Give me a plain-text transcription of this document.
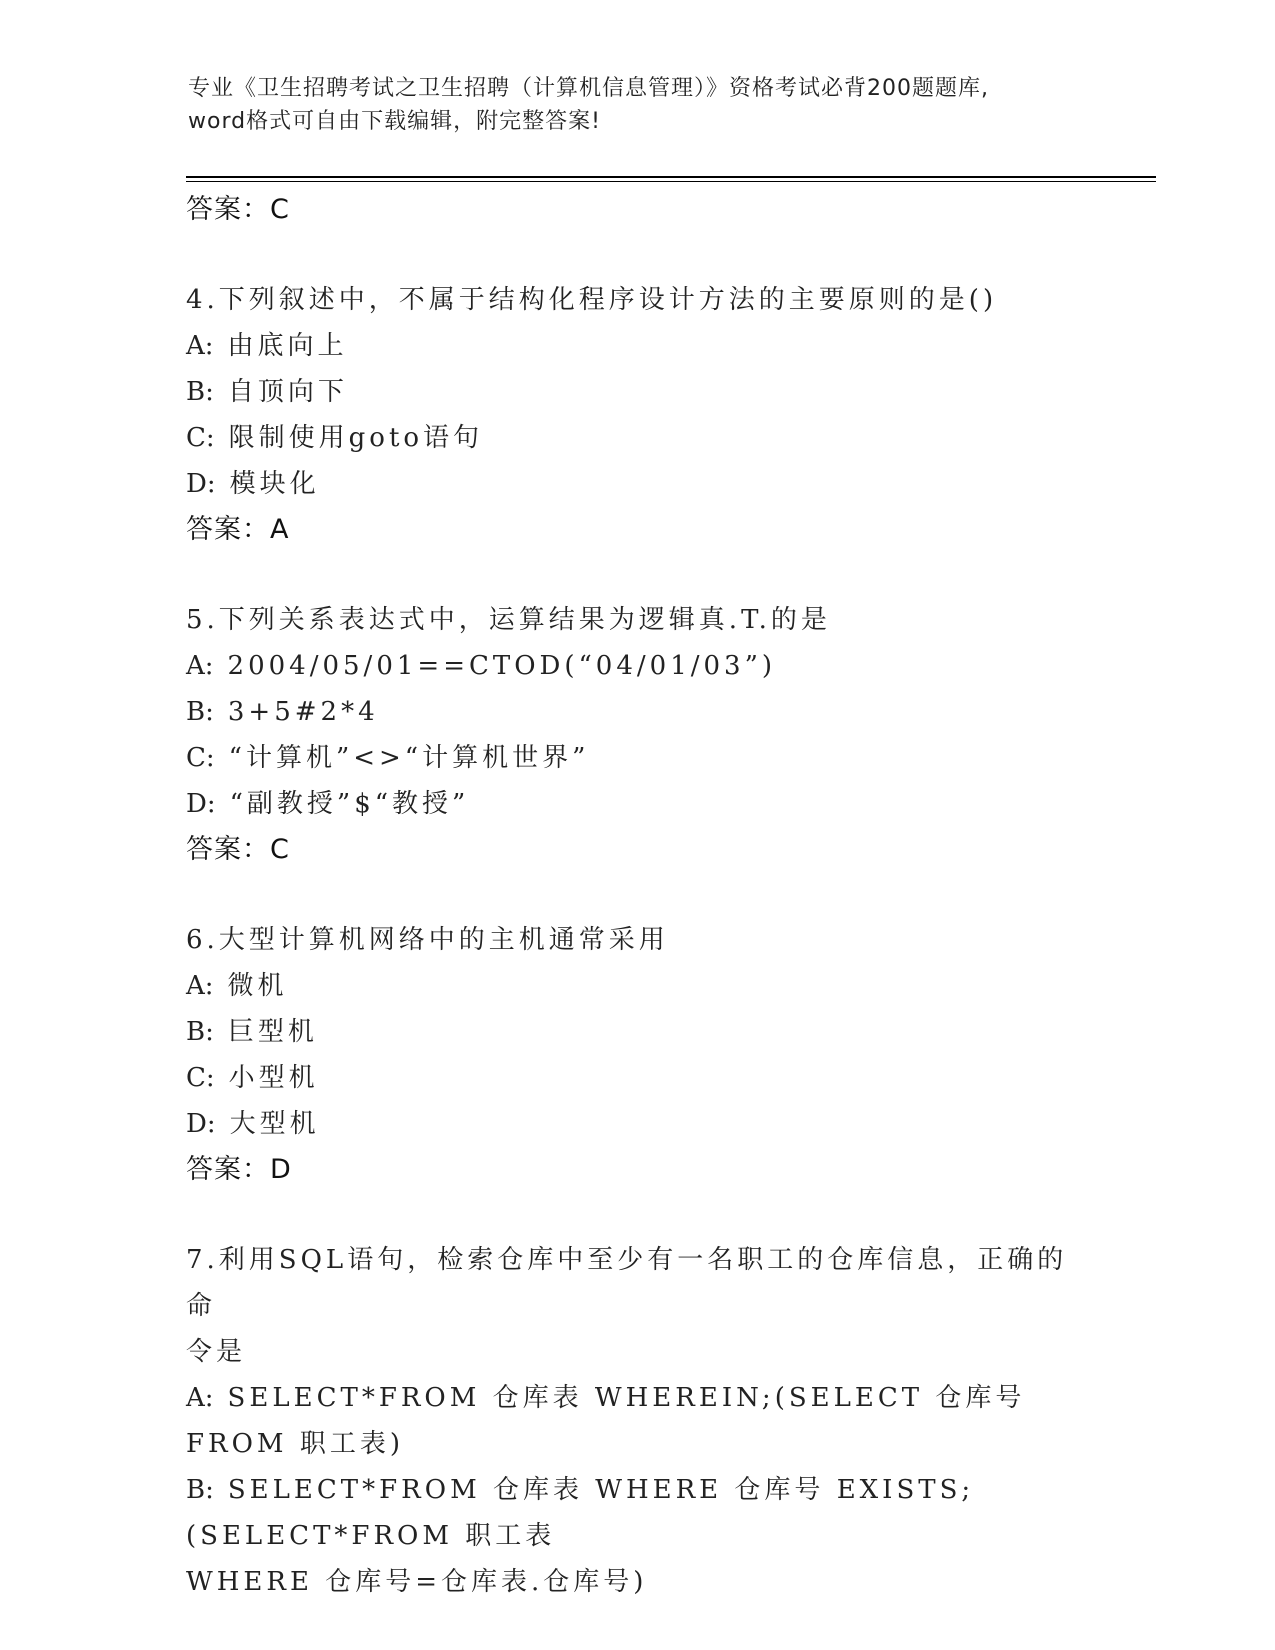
专业《卫生招聘考试之卫生招聘（计算机信息管理）》资格考试必背200题题库,
word格式可自由下载编辑，附完整答案!
答案：C
4.下列叙述中，不属于结构化程序设计方法的主要原则的是()
A: 由底向上
B: 自顶向下
C: 限制使用goto语句
D: 模块化
答案：A
5.下列关系表达式中，运算结果为逻辑真.T.的是
A: 2004/05/01==CTOD(“04/01/03”)
B: 3+5#2*4
C: “计算机”<>“计算机世界”
D: “副教授”$“教授”
答案：C
6.大型计算机网络中的主机通常采用
A: 微机
B: 巨型机
C: 小型机
D: 大型机
答案：D
7.利用SQL语句，检索仓库中至少有一名职工的仓库信息，正确的命
令是
A: SELECT*FROM 仓库表 WHEREIN;(SELECT 仓库号 FROM 职工表)
B: SELECT*FROM 仓库表 WHERE 仓库号 EXISTS;(SELECT*FROM 职工表
WHERE 仓库号=仓库表.仓库号)
